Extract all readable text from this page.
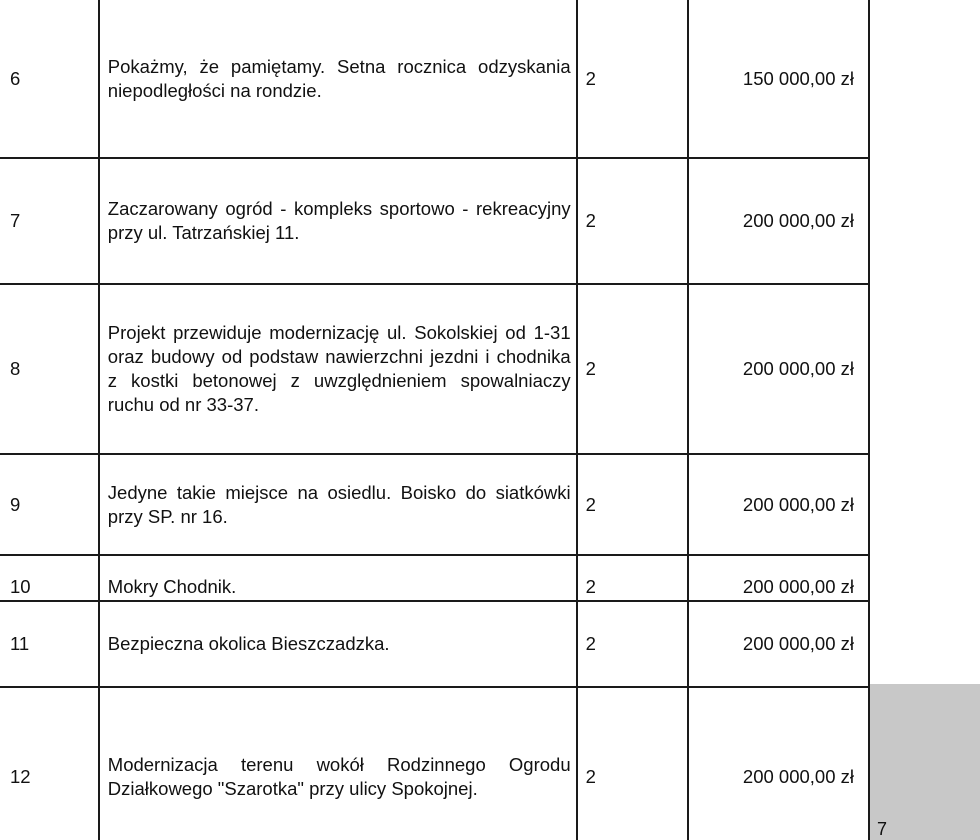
6	Pokażmy, że pamiętamy. Setna rocznica odzyskania niepodległości na rondzie.	2	150 000,00 zł
7	Zaczarowany ogród - kompleks sportowo - rekreacyjny przy ul. Tatrzańskiej 11.	2	200 000,00 zł
8	Projekt przewiduje modernizację ul. Sokolskiej od 1-31 oraz budowy od podstaw nawierzchni jezdni i chodnika z kostki betonowej z uwzględnieniem spowalniaczy ruchu od nr 33-37.	2	200 000,00 zł
9	Jedyne takie miejsce na osiedlu. Boisko do siatkówki przy SP. nr 16.	2	200 000,00 zł
10	Mokry Chodnik.	2	200 000,00 zł
11	Bezpieczna okolica Bieszczadzka.	2	200 000,00 zł
12	Modernizacja terenu wokół Rodzinnego Ogrodu Działkowego "Szarotka" przy ulicy Spokojnej.	2	200 000,00 zł
7
